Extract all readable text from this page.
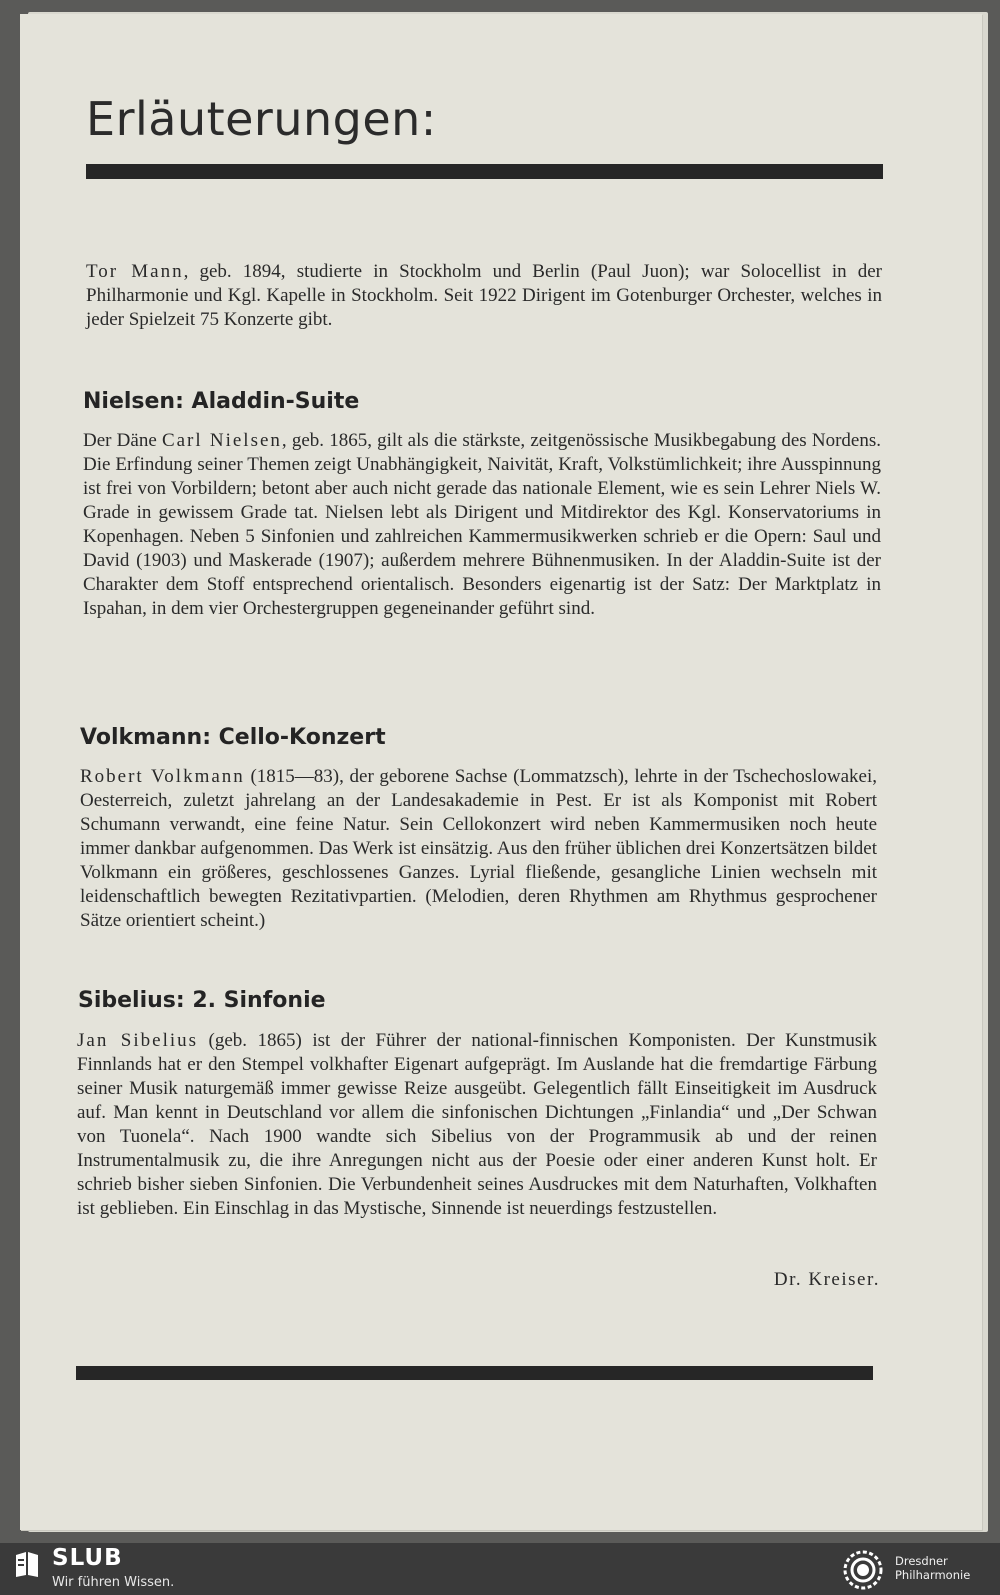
Erläuterungen:

Tor Mann, geb. 1894, studierte in Stockholm und Berlin (Paul Juon); war Solocellist in der Philharmonie und Kgl. Kapelle in Stockholm. Seit 1922 Dirigent im Gotenburger Orchester, welches in jeder Spielzeit 75 Konzerte gibt.

Nielsen: Aladdin-Suite

Der Däne Carl Nielsen, geb. 1865, gilt als die stärkste, zeitgenössische Musikbegabung des Nordens. Die Erfindung seiner Themen zeigt Unabhängigkeit, Naivität, Kraft, Volkstümlichkeit; ihre Ausspinnung ist frei von Vorbildern; betont aber auch nicht gerade das nationale Element, wie es sein Lehrer Niels W. Grade in gewissem Grade tat. Nielsen lebt als Dirigent und Mitdirektor des Kgl. Konservatoriums in Kopenhagen. Neben 5 Sinfonien und zahlreichen Kammermusikwerken schrieb er die Opern: Saul und David (1903) und Maskerade (1907); außerdem mehrere Bühnenmusiken. In der Aladdin-Suite ist der Charakter dem Stoff entsprechend orientalisch. Besonders eigenartig ist der Satz: Der Marktplatz in Ispahan, in dem vier Orchestergruppen gegeneinander geführt sind.

Volkmann: Cello-Konzert

Robert Volkmann (1815—83), der geborene Sachse (Lommatzsch), lehrte in der Tschechoslowakei, Oesterreich, zuletzt jahrelang an der Landesakademie in Pest. Er ist als Komponist mit Robert Schumann verwandt, eine feine Natur. Sein Cellokonzert wird neben Kammermusiken noch heute immer dankbar aufgenommen. Das Werk ist einsätzig. Aus den früher üblichen drei Konzertsätzen bildet Volkmann ein größeres, geschlossenes Ganzes. Lyrial fließende, gesangliche Linien wechseln mit leidenschaftlich bewegten Rezitativpartien. (Melodien, deren Rhythmen am Rhythmus gesprochener Sätze orientiert scheint.)

Sibelius: 2. Sinfonie

Jan Sibelius (geb. 1865) ist der Führer der national-finnischen Komponisten. Der Kunstmusik Finnlands hat er den Stempel volkhafter Eigenart aufgeprägt. Im Auslande hat die fremdartige Färbung seiner Musik naturgemäß immer gewisse Reize ausgeübt. Gelegentlich fällt Einseitigkeit im Ausdruck auf. Man kennt in Deutschland vor allem die sinfonischen Dichtungen „Finlandia“ und „Der Schwan von Tuonela“. Nach 1900 wandte sich Sibelius von der Programmusik ab und der reinen Instrumentalmusik zu, die ihre Anregungen nicht aus der Poesie oder einer anderen Kunst holt. Er schrieb bisher sieben Sinfonien. Die Verbundenheit seines Ausdruckes mit dem Naturhaften, Volkhaften ist geblieben. Ein Einschlag in das Mystische, Sinnende ist neuerdings festzustellen.

Dr. Kreiser.
SLUB
Wir führen Wissen.
Dresdner
Philharmonie
